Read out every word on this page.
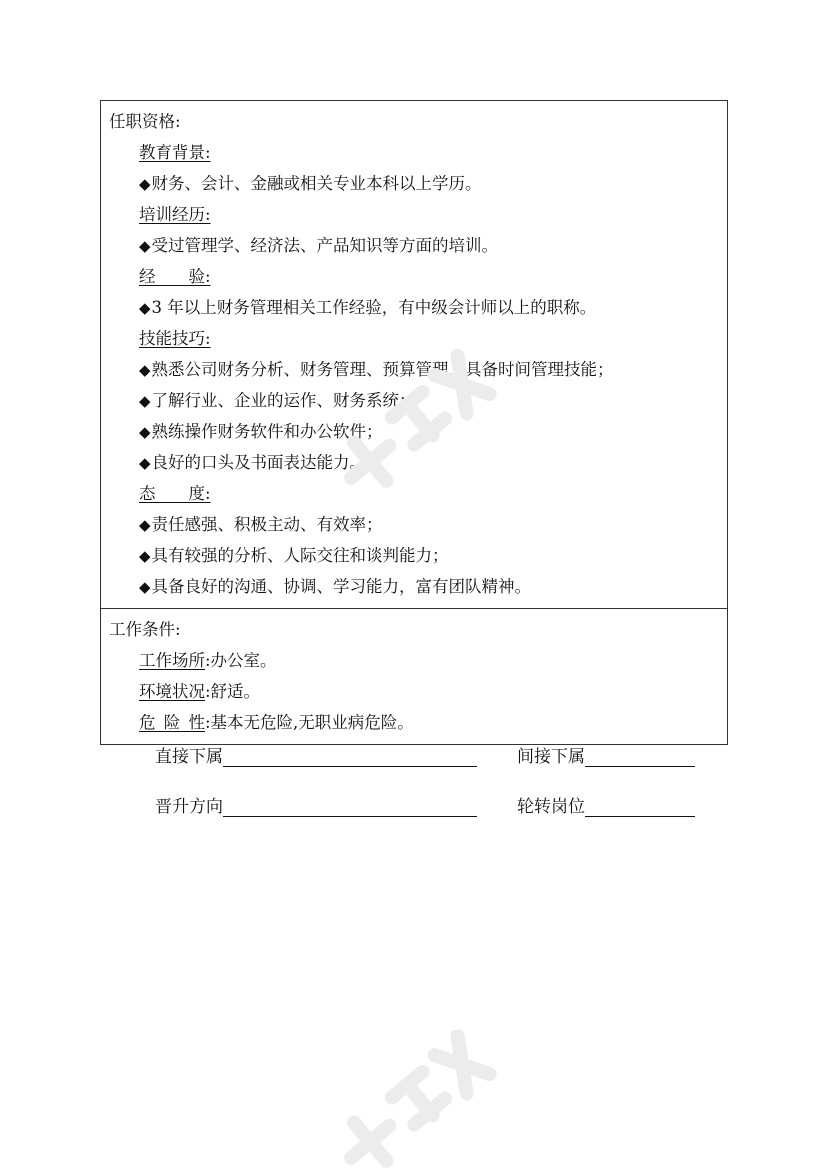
任职资格:
教育背景:
◆财务、会计、金融或相关专业本科以上学历。
培训经历:
◆受过管理学、经济法、产品知识等方面的培训。
经  验:
◆3 年以上财务管理相关工作经验，有中级会计师以上的职称。
技能技巧:
◆熟悉公司财务分析、财务管理、预算管理，具备时间管理技能；
◆了解行业、企业的运作、财务系统；
◆熟练操作财务软件和办公软件；
◆良好的口头及书面表达能力。
态  度:
◆责任感强、积极主动、有效率；
◆具有较强的分析、人际交往和谈判能力；
◆具备良好的沟通、协调、学习能力，富有团队精神。
工作条件:
工作场所:办公室。
环境状况:舒适。
危 险 性:基本无危险,无职业病危险。
直接下属	间接下属
晋升方向	轮转岗位
